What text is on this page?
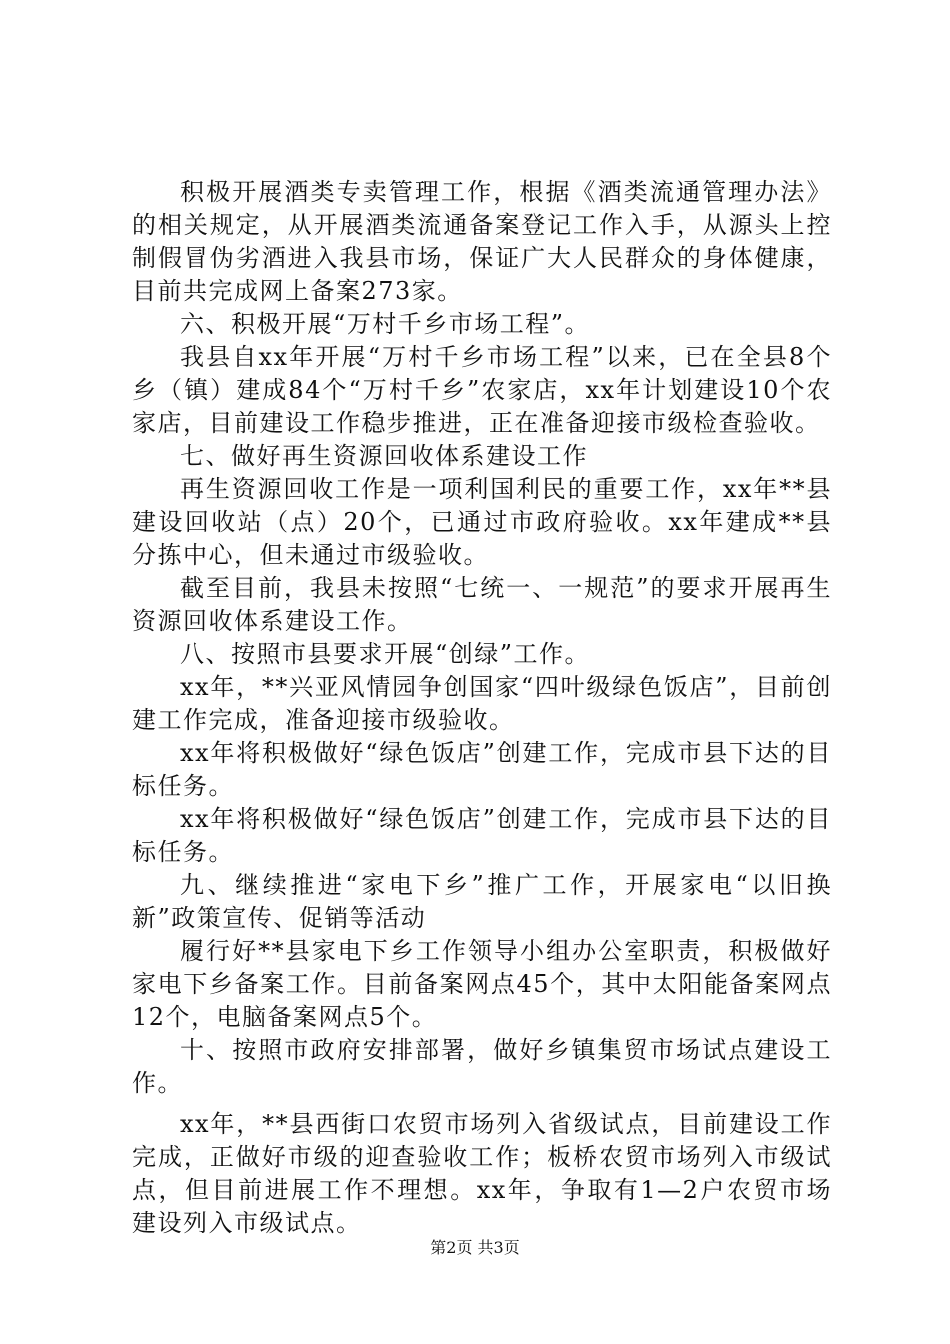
积极开展酒类专卖管理工作，根据《酒类流通管理办法》的相关规定，从开展酒类流通备案登记工作入手，从源头上控制假冒伪劣酒进入我县市场，保证广大人民群众的身体健康，目前共完成网上备案273家。

六、积极开展“万村千乡市场工程”。

我县自xx年开展“万村千乡市场工程”以来，已在全县8个乡（镇）建成84个“万村千乡”农家店，xx年计划建设10个农家店，目前建设工作稳步推进，正在准备迎接市级检查验收。

七、做好再生资源回收体系建设工作

再生资源回收工作是一项利国利民的重要工作，xx年**县建设回收站（点）20个，已通过市政府验收。xx年建成**县分拣中心，但未通过市级验收。

截至目前，我县未按照“七统一、一规范”的要求开展再生资源回收体系建设工作。

八、按照市县要求开展“创绿”工作。

xx年，**兴亚风情园争创国家“四叶级绿色饭店”，目前创建工作完成，准备迎接市级验收。

xx年将积极做好“绿色饭店”创建工作，完成市县下达的目标任务。

xx年将积极做好“绿色饭店”创建工作，完成市县下达的目标任务。

九、继续推进“家电下乡”推广工作，开展家电“以旧换新”政策宣传、促销等活动

履行好**县家电下乡工作领导小组办公室职责，积极做好家电下乡备案工作。目前备案网点45个，其中太阳能备案网点12个，电脑备案网点5个。

十、按照市政府安排部署，做好乡镇集贸市场试点建设工作。

xx年，**县西街口农贸市场列入省级试点，目前建设工作完成，正做好市级的迎查验收工作；板桥农贸市场列入市级试点，但目前进展工作不理想。xx年，争取有1—2户农贸市场建设列入市级试点。

第2页 共3页
